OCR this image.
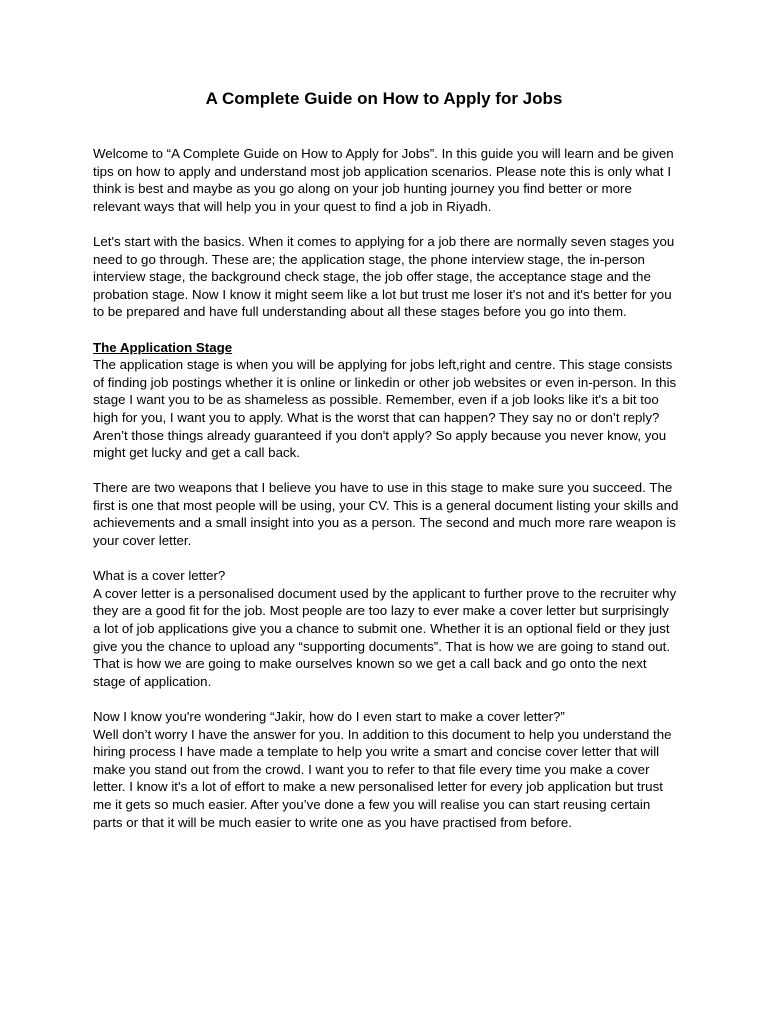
A Complete Guide on How to Apply for Jobs

Welcome to “A Complete Guide on How to Apply for Jobs”. In this guide you will learn and be given tips on how to apply and understand most job application scenarios. Please note this is only what I think is best and maybe as you go along on your job hunting journey you find better or more relevant ways that will help you in your quest to find a job in Riyadh.

Let's start with the basics. When it comes to applying for a job there are normally seven stages you need to go through. These are; the application stage, the phone interview stage, the in-person interview stage, the background check stage, the job offer stage, the acceptance stage and the probation stage. Now I know it might seem like a lot but trust me loser it's not and it's better for you to be prepared and have full understanding about all these stages before you go into them.

The Application Stage

The application stage is when you will be applying for jobs left,right and centre. This stage consists of finding job postings whether it is online or linkedin or other job websites or even in-person. In this stage I want you to be as shameless as possible. Remember, even if a job looks like it's a bit too high for you, I want you to apply. What is the worst that can happen? They say no or don’t reply? Aren’t those things already guaranteed if you don't apply? So apply because you never know, you might get lucky and get a call back.

There are two weapons that I believe you have to use in this stage to make sure you succeed. The first is one that most people will be using, your CV. This is a general document listing your skills and achievements and a small insight into you as a person. The second and much more rare weapon is your cover letter.

What is a cover letter?

A cover letter is a personalised document used by the applicant to further prove to the recruiter why they are a good fit for the job. Most people are too lazy to ever make a cover letter but surprisingly a lot of job applications give you a chance to submit one. Whether it is an optional field or they just give you the chance to upload any “supporting documents”. That is how we are going to stand out. That is how we are going to make ourselves known so we get a call back and go onto the next stage of application.

Now I know you're wondering “Jakir, how do I even start to make a cover letter?”

Well don’t worry I have the answer for you. In addition to this document to help you understand the hiring process I have made a template to help you write a smart and concise cover letter that will make you stand out from the crowd. I want you to refer to that file every time you make a cover letter. I know it's a lot of effort to make a new personalised letter for every job application but trust me it gets so much easier. After you’ve done a few you will realise you can start reusing certain parts or that it will be much easier to write one as you have practised from before.
